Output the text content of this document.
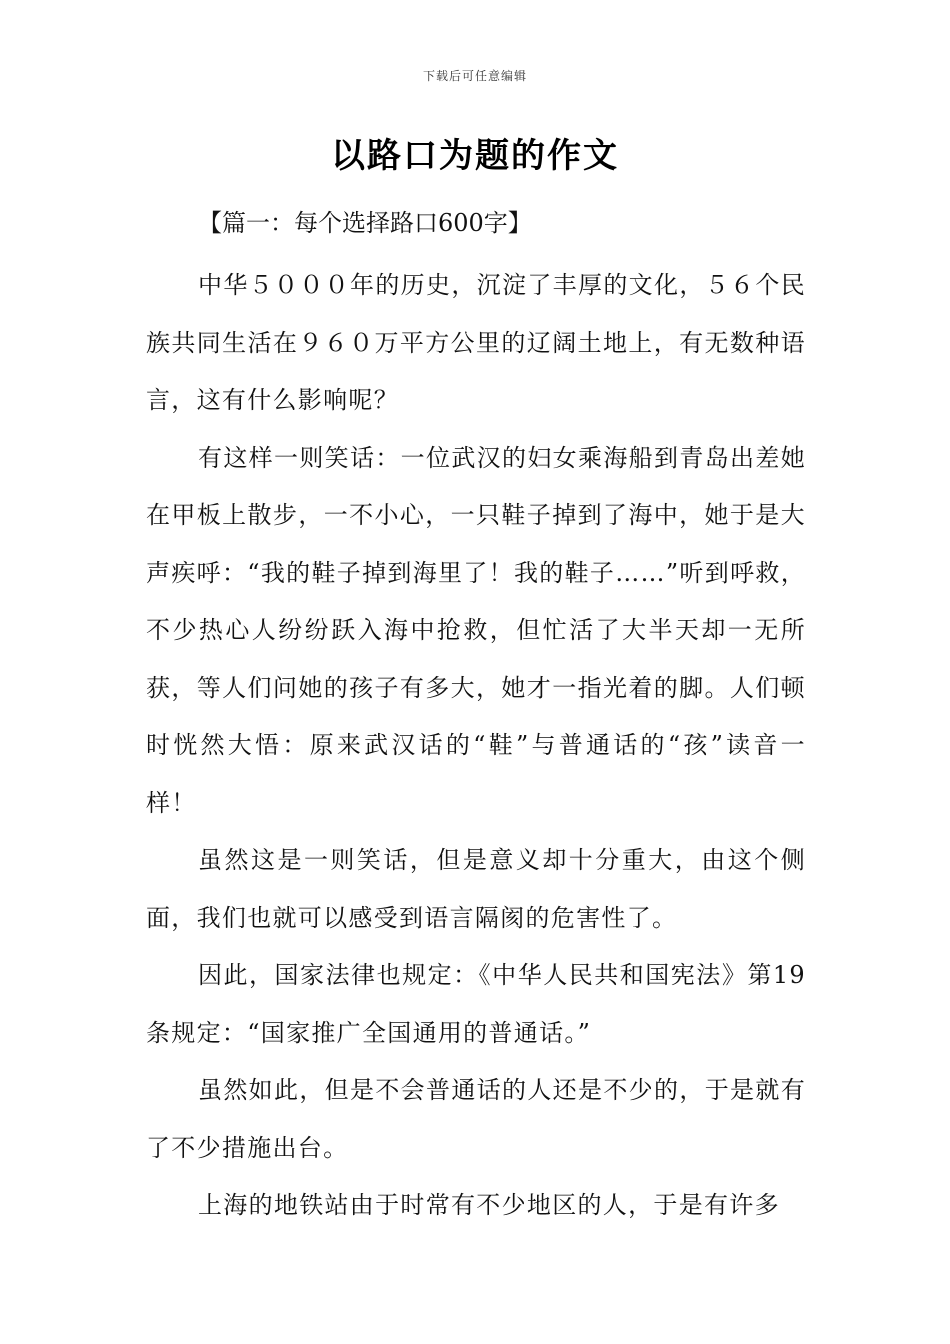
下载后可任意编辑
以路口为题的作文
【篇一：每个选择路口600字】

中华５０００年的历史，沉淀了丰厚的文化，５６个民族共同生活在９６０万平方公里的辽阔土地上，有无数种语言，这有什么影响呢？

有这样一则笑话：一位武汉的妇女乘海船到青岛出差她在甲板上散步，一不小心，一只鞋子掉到了海中，她于是大声疾呼：“我的鞋子掉到海里了！我的鞋子……”听到呼救，不少热心人纷纷跃入海中抢救，但忙活了大半天却一无所获，等人们问她的孩子有多大，她才一指光着的脚。人们顿时恍然大悟：原来武汉话的“鞋”与普通话的“孩”读音一样！

虽然这是一则笑话，但是意义却十分重大，由这个侧面，我们也就可以感受到语言隔阂的危害性了。

因此，国家法律也规定：《中华人民共和国宪法》第19条规定：“国家推广全国通用的普通话。”

虽然如此，但是不会普通话的人还是不少的，于是就有了不少措施出台。

上海的地铁站由于时常有不少地区的人，于是有许多
